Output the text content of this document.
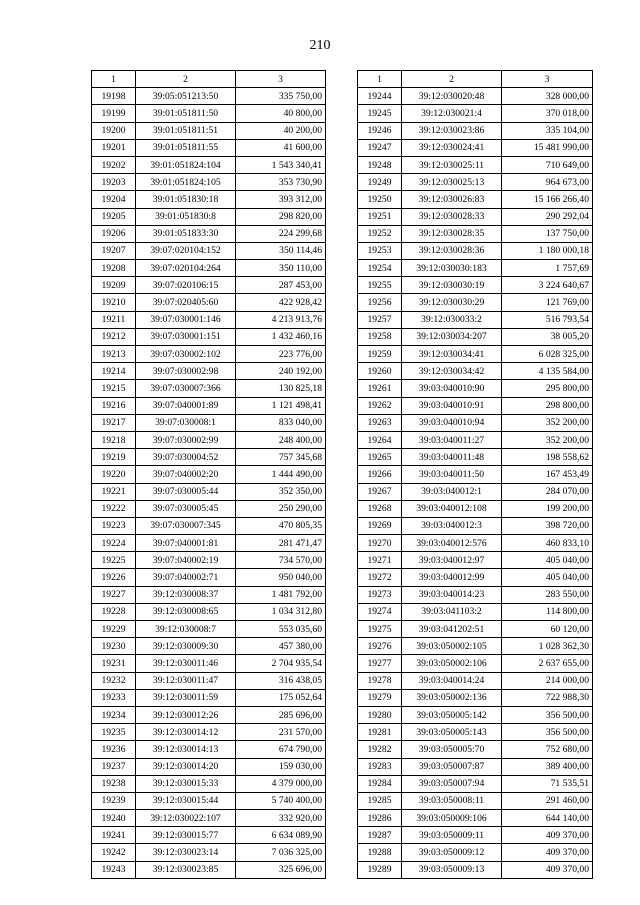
210
1	2	3
19198	39:05:051213:50	335 750,00
19199	39:01:051811:50	40 800,00
19200	39:01:051811:51	40 200,00
19201	39:01:051811:55	41 600,00
19202	39:01:051824:104	1 543 340,41
19203	39:01:051824:105	353 730,90
19204	39:01:051830:18	393 312,00
19205	39:01:051830:8	298 820,00
19206	39:01:051833:30	224 299,68
19207	39:07:020104:152	350 114,46
19208	39:07:020104:264	350 110,00
19209	39:07:020106:15	287 453,00
19210	39:07:020405:60	422 928,42
19211	39:07:030001:146	4 213 913,76
19212	39:07:030001:151	1 432 460,16
19213	39:07:030002:102	223 776,00
19214	39:07:030002:98	240 192,00
19215	39:07:030007:366	130 825,18
19216	39:07:040001:89	1 121 498,41
19217	39:07:030008:1	833 040,00
19218	39:07:030002:99	248 400,00
19219	39:07:030004:52	757 345,68
19220	39:07:040002:20	1 444 490,00
19221	39:07:030005:44	352 350,00
19222	39:07:030005:45	250 290,00
19223	39:07:030007:345	470 805,35
19224	39:07:040001:81	281 471,47
19225	39:07:040002:19	734 570,00
19226	39:07:040002:71	950 040,00
19227	39:12:030008:37	1 481 792,00
19228	39:12:030008:65	1 034 312,80
19229	39:12:030008:7	553 035,60
19230	39:12:030009:30	457 380,00
19231	39:12:030011:46	2 704 935,54
19232	39:12:030011:47	316 438,05
19233	39:12:030011:59	175 052,64
19234	39:12:030012:26	285 696,00
19235	39:12:030014:12	231 570,00
19236	39:12:030014:13	674 790,00
19237	39:12:030014:20	159 030,00
19238	39:12:030015:33	4 379 000,00
19239	39:12:030015:44	5 740 400,00
19240	39:12:030022:107	332 920,00
19241	39:12:030015:77	6 634 089,90
19242	39:12:030023:14	7 036 325,00
19243	39:12:030023:85	325 696,00
1	2	3
19244	39:12:030020:48	328 000,00
19245	39:12:030021:4	370 018,00
19246	39:12:030023:86	335 104,00
19247	39:12:030024:41	15 481 990,00
19248	39:12:030025:11	710 649,00
19249	39:12:030025:13	964 673,00
19250	39:12:030026:83	15 166 266,40
19251	39:12:030028:33	290 292,04
19252	39:12:030028:35	137 750,00
19253	39:12:030028:36	1 180 000,18
19254	39:12:030030:183	1 757,69
19255	39:12:030030:19	3 224 640,67
19256	39:12:030030:29	121 769,00
19257	39:12:030033:2	516 793,54
19258	39:12:030034:207	38 005,20
19259	39:12:030034:41	6 028 325,00
19260	39:12:030034:42	4 135 584,00
19261	39:03:040010:90	295 800,00
19262	39:03:040010:91	298 800,00
19263	39:03:040010:94	352 200,00
19264	39:03:040011:27	352 200,00
19265	39:03:040011:48	198 558,62
19266	39:03:040011:50	167 453,49
19267	39:03:040012:1	284 070,00
19268	39:03:040012:108	199 200,00
19269	39:03:040012:3	398 720,00
19270	39:03:040012:576	460 833,10
19271	39:03:040012:97	405 040,00
19272	39:03:040012:99	405 040,00
19273	39:03:040014:23	283 550,00
19274	39:03:041103:2	114 800,00
19275	39:03:041202:51	60 120,00
19276	39:03:050002:105	1 028 362,30
19277	39:03:050002:106	2 637 655,00
19278	39:03:040014:24	214 000,00
19279	39:03:050002:136	722 988,30
19280	39:03:050005:142	356 500,00
19281	39:03:050005:143	356 500,00
19282	39:03:050005:70	752 680,00
19283	39:03:050007:87	389 400,00
19284	39:03:050007:94	71 535,51
19285	39:03:050008:11	291 460,00
19286	39:03:050009:106	644 140,00
19287	39:03:050009:11	409 370,00
19288	39:03:050009:12	409 370,00
19289	39:03:050009:13	409 370,00
